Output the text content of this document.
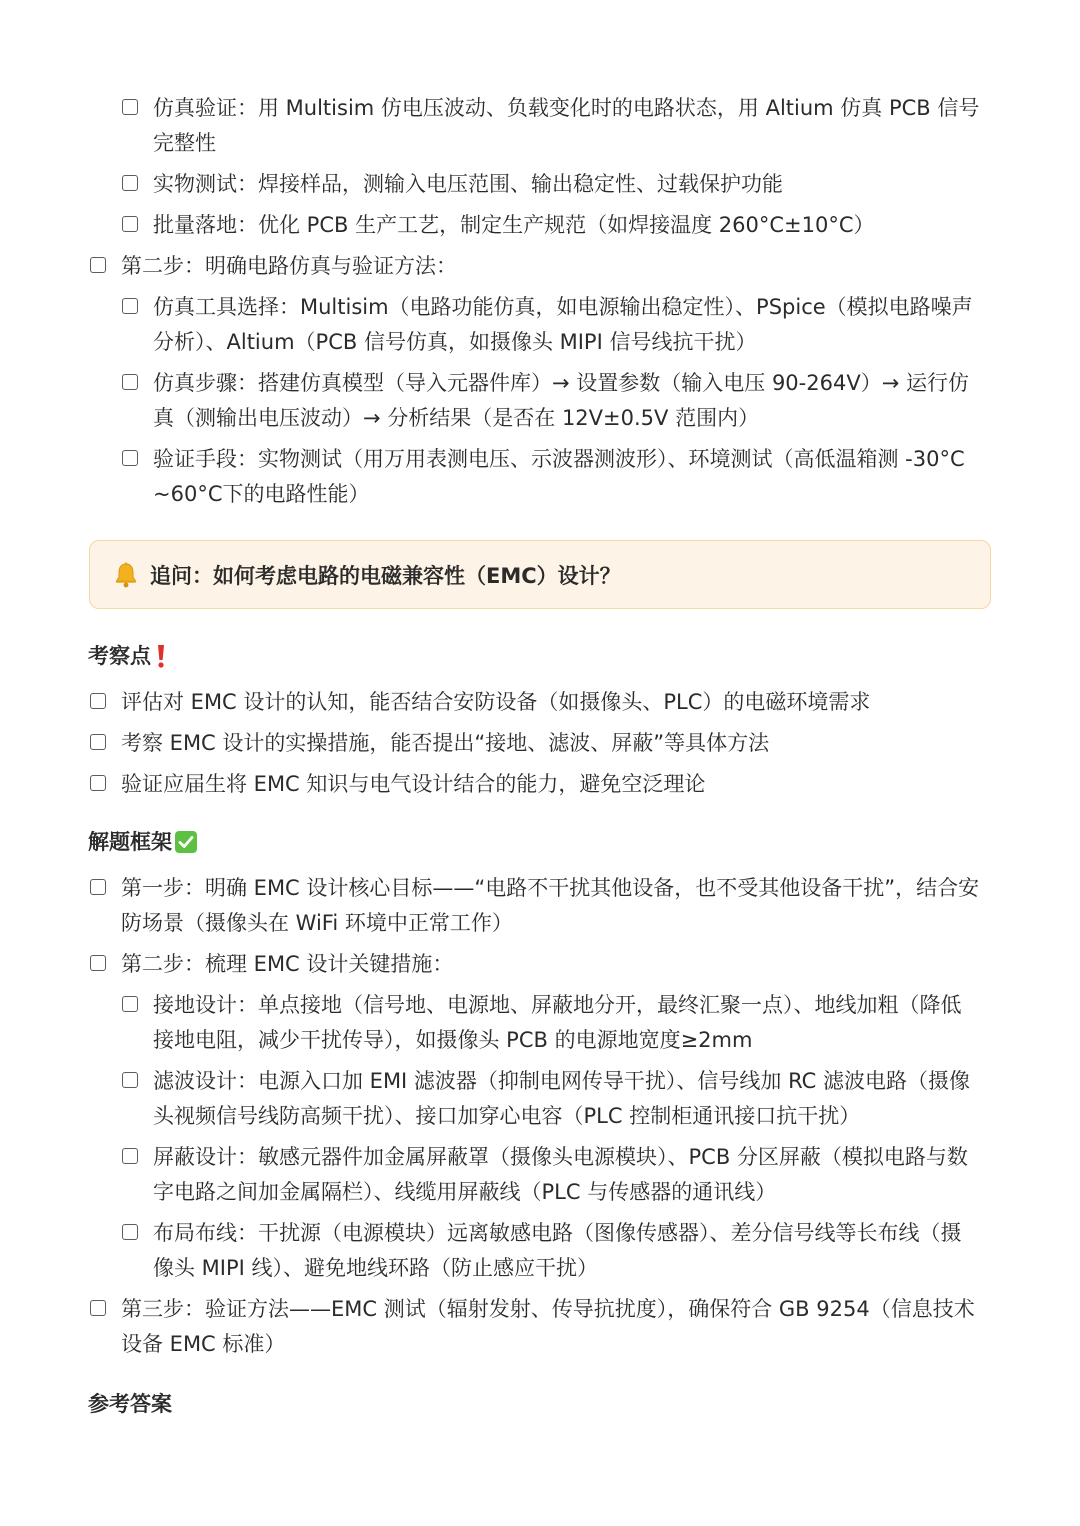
仿真验证：用 Multisim 仿电压波动、负载变化时的电路状态，用 Altium 仿真 PCB 信号完整性
实物测试：焊接样品，测输入电压范围、输出稳定性、过载保护功能
批量落地：优化 PCB 生产工艺，制定生产规范（如焊接温度 260°C±10°C）
第二步：明确电路仿真与验证方法：
仿真工具选择：Multisim（电路功能仿真，如电源输出稳定性）、PSpice（模拟电路噪声分析）、Altium（PCB 信号仿真，如摄像头 MIPI 信号线抗干扰）
仿真步骤：搭建仿真模型（导入元器件库）→ 设置参数（输入电压 90-264V）→ 运行仿真（测输出电压波动）→ 分析结果（是否在 12V±0.5V 范围内）
验证手段：实物测试（用万用表测电压、示波器测波形）、环境测试（高低温箱测 -30°C~60°C下的电路性能）
追问：如何考虑电路的电磁兼容性（EMC）设计？
考察点
评估对 EMC 设计的认知，能否结合安防设备（如摄像头、PLC）的电磁环境需求
考察 EMC 设计的实操措施，能否提出“接地、滤波、屏蔽”等具体方法
验证应届生将 EMC 知识与电气设计结合的能力，避免空泛理论
解题框架
第一步：明确 EMC 设计核心目标——“电路不干扰其他设备，也不受其他设备干扰”，结合安防场景（摄像头在 WiFi 环境中正常工作）
第二步：梳理 EMC 设计关键措施：
接地设计：单点接地（信号地、电源地、屏蔽地分开，最终汇聚一点）、地线加粗（降低接地电阻，减少干扰传导），如摄像头 PCB 的电源地宽度≥2mm
滤波设计：电源入口加 EMI 滤波器（抑制电网传导干扰）、信号线加 RC 滤波电路（摄像头视频信号线防高频干扰）、接口加穿心电容（PLC 控制柜通讯接口抗干扰）
屏蔽设计：敏感元器件加金属屏蔽罩（摄像头电源模块）、PCB 分区屏蔽（模拟电路与数字电路之间加金属隔栏）、线缆用屏蔽线（PLC 与传感器的通讯线）
布局布线：干扰源（电源模块）远离敏感电路（图像传感器）、差分信号线等长布线（摄像头 MIPI 线）、避免地线环路（防止感应干扰）
第三步：验证方法——EMC 测试（辐射发射、传导抗扰度），确保符合 GB 9254（信息技术设备 EMC 标准）
参考答案
